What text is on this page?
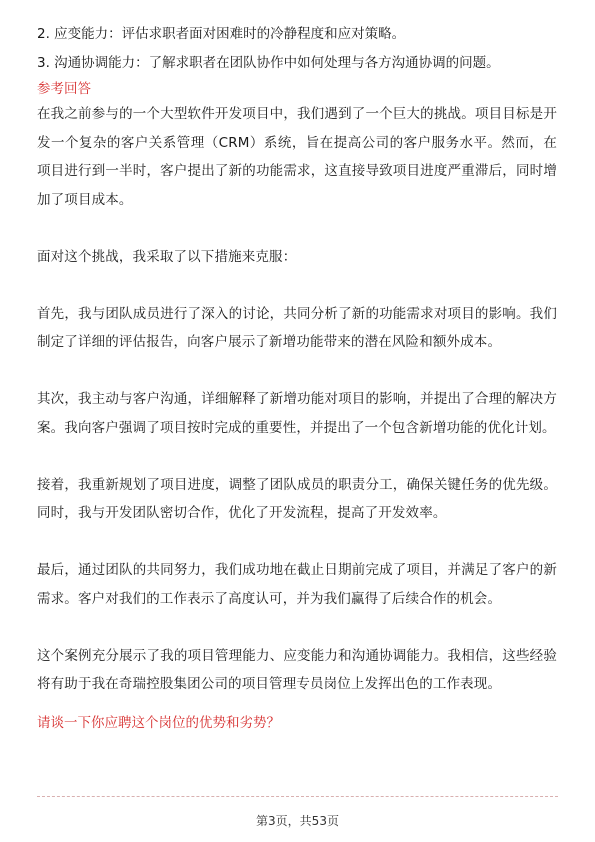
2. 应变能力：评估求职者面对困难时的冷静程度和应对策略。

3. 沟通协调能力：了解求职者在团队协作中如何处理与各方沟通协调的问题。

参考回答

在我之前参与的一个大型软件开发项目中，我们遇到了一个巨大的挑战。项目目标是开发一个复杂的客户关系管理（CRM）系统，旨在提高公司的客户服务水平。然而，在项目进行到一半时，客户提出了新的功能需求，这直接导致项目进度严重滞后，同时增加了项目成本。

面对这个挑战，我采取了以下措施来克服：

首先，我与团队成员进行了深入的讨论，共同分析了新的功能需求对项目的影响。我们制定了详细的评估报告，向客户展示了新增功能带来的潜在风险和额外成本。

其次，我主动与客户沟通，详细解释了新增功能对项目的影响，并提出了合理的解决方案。我向客户强调了项目按时完成的重要性，并提出了一个包含新增功能的优化计划。

接着，我重新规划了项目进度，调整了团队成员的职责分工，确保关键任务的优先级。同时，我与开发团队密切合作，优化了开发流程，提高了开发效率。

最后，通过团队的共同努力，我们成功地在截止日期前完成了项目，并满足了客户的新需求。客户对我们的工作表示了高度认可，并为我们赢得了后续合作的机会。

这个案例充分展示了我的项目管理能力、应变能力和沟通协调能力。我相信，这些经验将有助于我在奇瑞控股集团公司的项目管理专员岗位上发挥出色的工作表现。

请谈一下你应聘这个岗位的优势和劣势？
第3页，共53页
